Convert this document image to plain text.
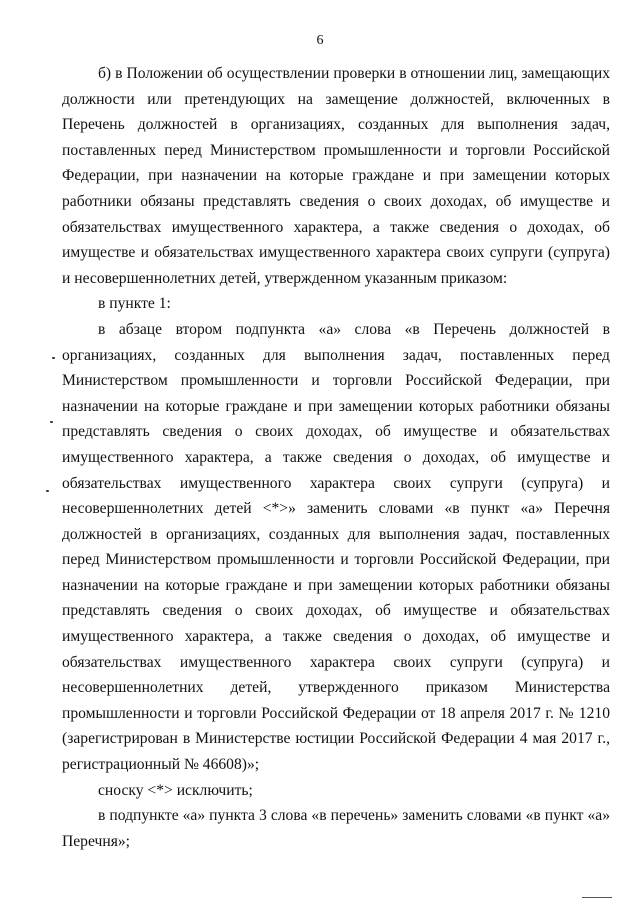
6

б) в Положении об осуществлении проверки в отношении лиц, замещающих должности или претендующих на замещение должностей, включенных в Перечень должностей в организациях, созданных для выполнения задач, поставленных перед Министерством промышленности и торговли Российской Федерации, при назначении на которые граждане и при замещении которых работники обязаны представлять сведения о своих доходах, об имуществе и обязательствах имущественного характера, а также сведения о доходах, об имуществе и обязательствах имущественного характера своих супруги (супруга) и несовершеннолетних детей, утвержденном указанным приказом:

в пункте 1:

в абзаце втором подпункта «а» слова «в Перечень должностей в организациях, созданных для выполнения задач, поставленных перед Министерством промышленности и торговли Российской Федерации, при назначении на которые граждане и при замещении которых работники обязаны представлять сведения о своих доходах, об имуществе и обязательствах имущественного характера, а также сведения о доходах, об имуществе и обязательствах имущественного характера своих супруги (супруга) и несовершеннолетних детей <*>» заменить словами «в пункт «а» Перечня должностей в организациях, созданных для выполнения задач, поставленных перед Министерством промышленности и торговли Российской Федерации, при назначении на которые граждане и при замещении которых работники обязаны представлять сведения о своих доходах, об имуществе и обязательствах имущественного характера, а также сведения о доходах, об имуществе и обязательствах имущественного характера своих супруги (супруга) и несовершеннолетних детей, утвержденного приказом Министерства промышленности и торговли Российской Федерации от 18 апреля 2017 г. № 1210 (зарегистрирован в Министерстве юстиции Российской Федерации 4 мая 2017 г., регистрационный № 46608)»;

сноску <*> исключить;

в подпункте «а» пункта 3 слова «в перечень» заменить словами «в пункт «а» Перечня»;
